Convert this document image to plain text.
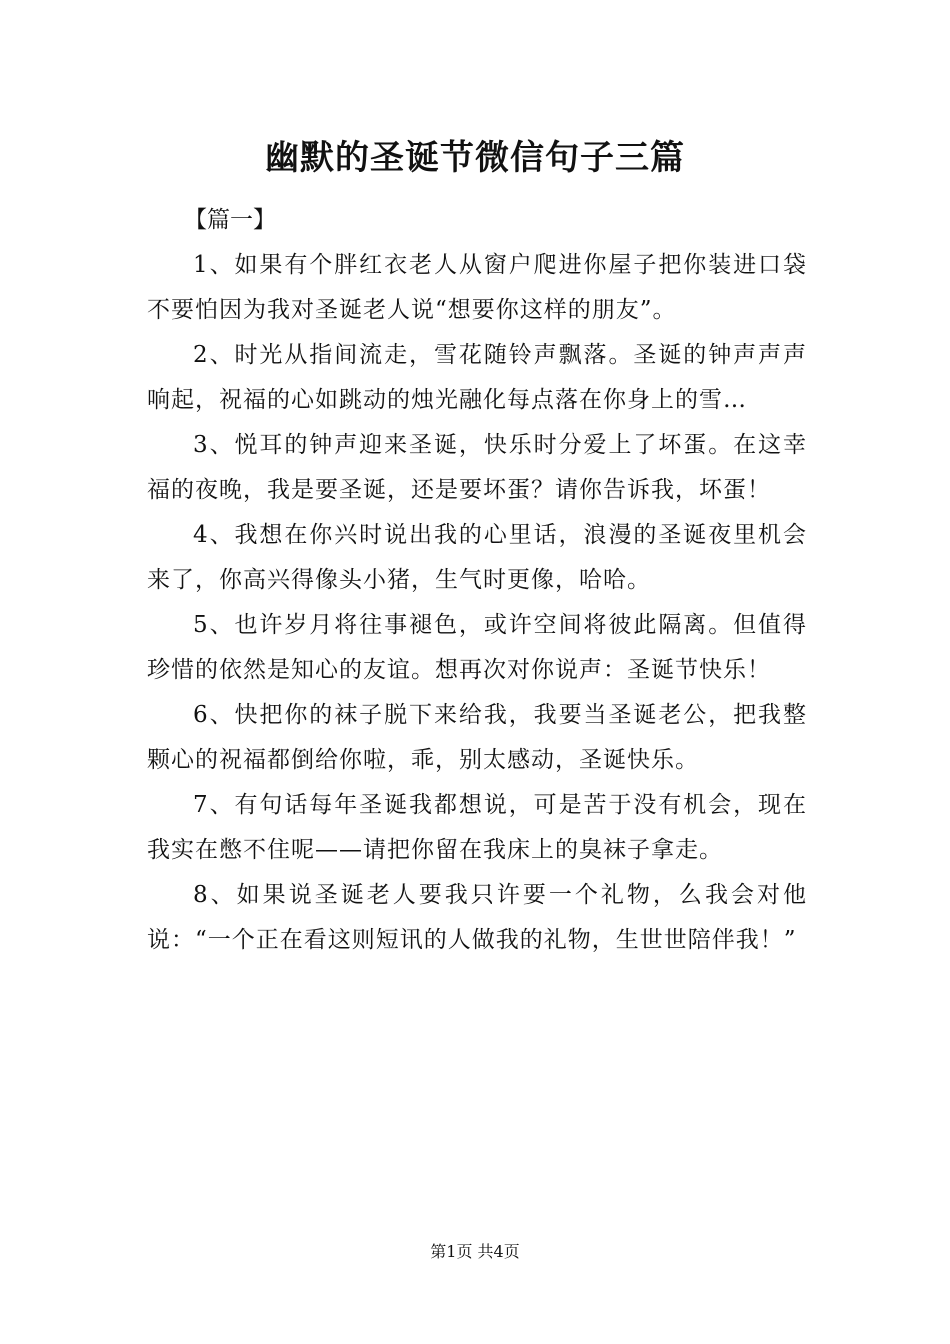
幽默的圣诞节微信句子三篇

【篇一】

1、如果有个胖红衣老人从窗户爬进你屋子把你装进口袋不要怕因为我对圣诞老人说“想要你这样的朋友”。

2、时光从指间流走，雪花随铃声飘落。圣诞的钟声声声响起，祝福的心如跳动的烛光融化每点落在你身上的雪…

3、悦耳的钟声迎来圣诞，快乐时分爱上了坏蛋。在这幸福的夜晚，我是要圣诞，还是要坏蛋？请你告诉我，坏蛋！

4、我想在你兴时说出我的心里话，浪漫的圣诞夜里机会来了，你高兴得像头小猪，生气时更像，哈哈。

5、也许岁月将往事褪色，或许空间将彼此隔离。但值得珍惜的依然是知心的友谊。想再次对你说声：圣诞节快乐！

6、快把你的袜子脱下来给我，我要当圣诞老公，把我整颗心的祝福都倒给你啦，乖，别太感动，圣诞快乐。

7、有句话每年圣诞我都想说，可是苦于没有机会，现在我实在憋不住呢——请把你留在我床上的臭袜子拿走。

8、如果说圣诞老人要我只许要一个礼物，么我会对他说：“一个正在看这则短讯的人做我的礼物，生世世陪伴我！”

第1页 共4页
